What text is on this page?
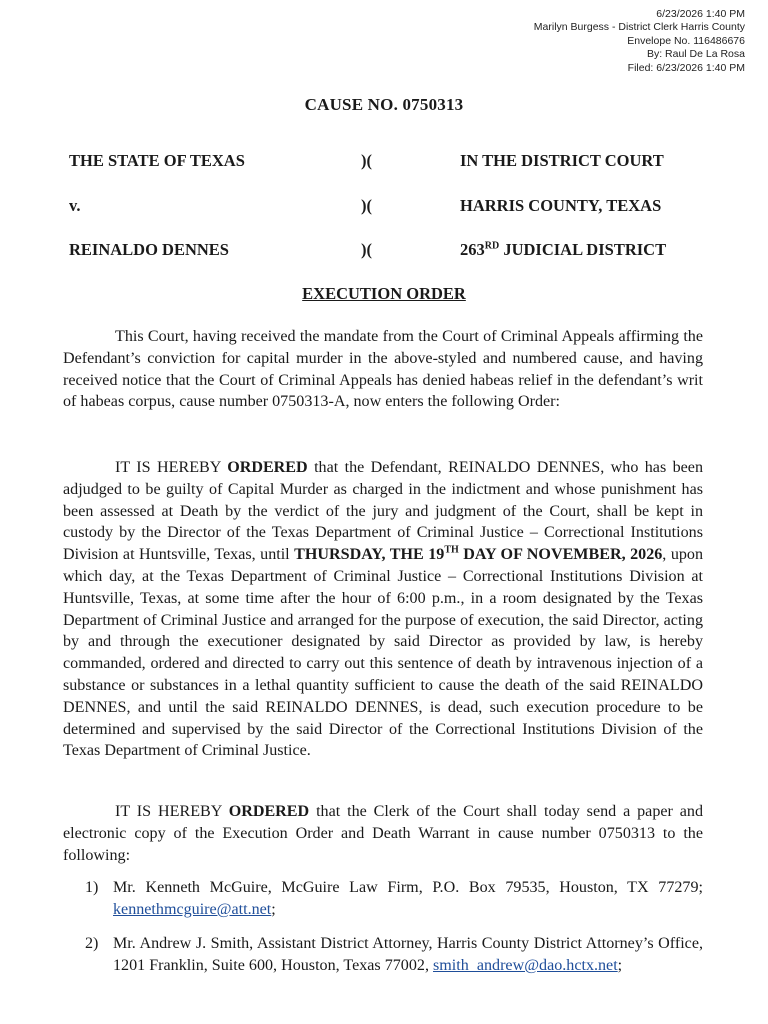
6/23/2026 1:40 PM
Marilyn Burgess - District Clerk Harris County
Envelope No. 116486676
By: Raul De La Rosa
Filed: 6/23/2026 1:40 PM
CAUSE NO. 0750313
THE STATE OF TEXAS	)(	IN THE DISTRICT COURT
v.	)(	HARRIS COUNTY, TEXAS
REINALDO DENNES	)(	263RD JUDICIAL DISTRICT
EXECUTION ORDER

This Court, having received the mandate from the Court of Criminal Appeals affirming the Defendant’s conviction for capital murder in the above-styled and numbered cause, and having received notice that the Court of Criminal Appeals has denied habeas relief in the defendant’s writ of habeas corpus, cause number 0750313-A, now enters the following Order:

IT IS HEREBY ORDERED that the Defendant, REINALDO DENNES, who has been adjudged to be guilty of Capital Murder as charged in the indictment and whose punishment has been assessed at Death by the verdict of the jury and judgment of the Court, shall be kept in custody by the Director of the Texas Department of Criminal Justice – Correctional Institutions Division at Huntsville, Texas, until THURSDAY, THE 19TH DAY OF NOVEMBER, 2026, upon which day, at the Texas Department of Criminal Justice – Correctional Institutions Division at Huntsville, Texas, at some time after the hour of 6:00 p.m., in a room designated by the Texas Department of Criminal Justice and arranged for the purpose of execution, the said Director, acting by and through the executioner designated by said Director as provided by law, is hereby commanded, ordered and directed to carry out this sentence of death by intravenous injection of a substance or substances in a lethal quantity sufficient to cause the death of the said REINALDO DENNES, and until the said REINALDO DENNES, is dead, such execution procedure to be determined and supervised by the said Director of the Correctional Institutions Division of the Texas Department of Criminal Justice.

IT IS HEREBY ORDERED that the Clerk of the Court shall today send a paper and electronic copy of the Execution Order and Death Warrant in cause number 0750313 to the following:

1) Mr. Kenneth McGuire, McGuire Law Firm, P.O. Box 79535, Houston, TX 77279; kennethmcguire@att.net;
2) Mr. Andrew J. Smith, Assistant District Attorney, Harris County District Attorney’s Office, 1201 Franklin, Suite 600, Houston, Texas 77002, smith_andrew@dao.hctx.net;
